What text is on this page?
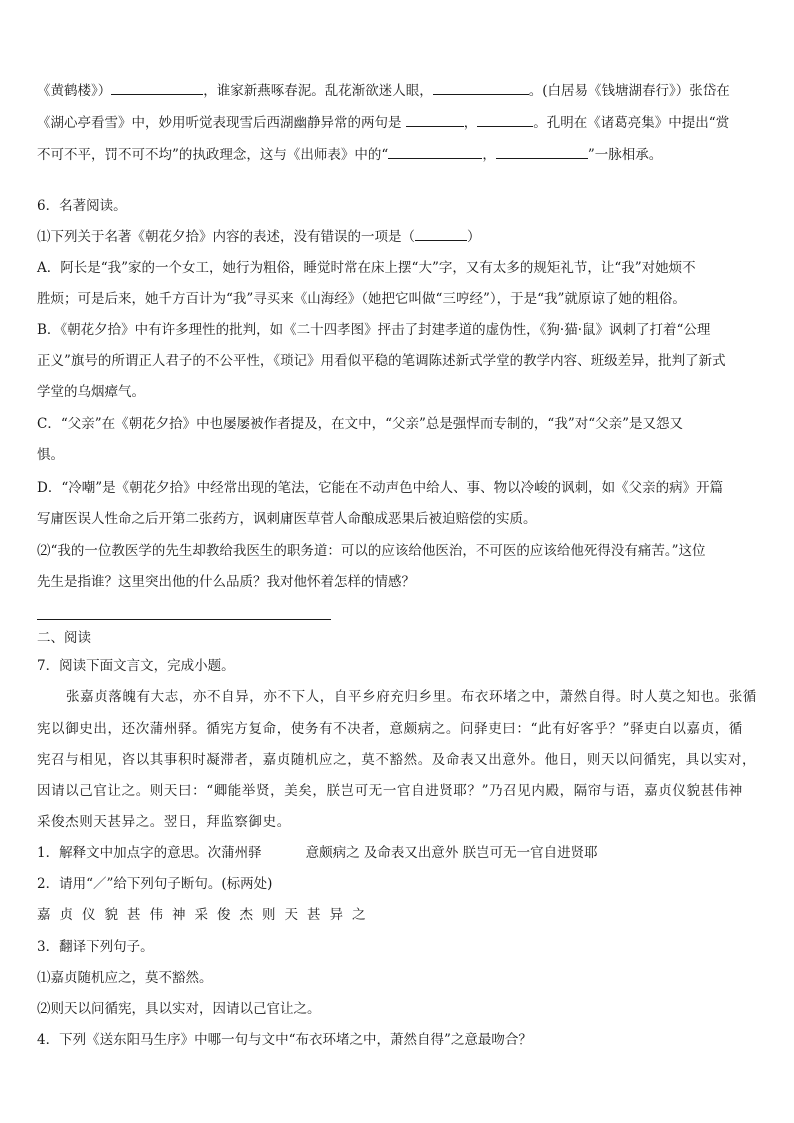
《黄鹤楼》）	，谁家新燕啄春泥。乱花渐欲迷人眼，	。(白居易《钱塘湖春行》）张岱在
《湖心亭看雪》中，妙用听觉表现雪后西湖幽静异常的两句是	，	。孔明在《诸葛亮集》中提出“赏
不可不平，罚不可不均”的执政理念，这与《出师表》中的“	，	”一脉相承。
6．名著阅读。
⑴下列关于名著《朝花夕拾》内容的表述，没有错误的一项是（	）
A．阿长是“我”家的一个女工，她行为粗俗，睡觉时常在床上摆“大”字，又有太多的规矩礼节，让“我”对她烦不
胜烦；可是后来，她千方百计为“我”寻买来《山海经》（她把它叫做“三哼经”），于是“我”就原谅了她的粗俗。
B．《朝花夕拾》中有许多理性的批判，如《二十四孝图》抨击了封建孝道的虚伪性，《狗·猫·鼠》讽刺了打着“公理
正义”旗号的所谓正人君子的不公平性，《琐记》用看似平稳的笔调陈述新式学堂的教学内容、班级差异，批判了新式
学堂的乌烟瘴气。
C．“父亲”在《朝花夕拾》中也屡屡被作者提及，在文中，“父亲”总是强悍而专制的，“我”对“父亲”是又怨又
惧。
D．“冷嘲”是《朝花夕拾》中经常出现的笔法，它能在不动声色中给人、事、物以冷峻的讽刺，如《父亲的病》开篇
写庸医误人性命之后开第二张药方，讽刺庸医草菅人命酿成恶果后被迫赔偿的实质。
⑵“我的一位教医学的先生却教给我医生的职务道：可以的应该给他医治，不可医的应该给他死得没有痛苦。”这位
先生是指谁？这里突出他的什么品质？我对他怀着怎样的情感？
二、阅读
7．阅读下面文言文，完成小题。
张嘉贞落魄有大志，亦不自异，亦不下人，自平乡府充归乡里。布衣环堵之中，萧然自得。时人莫之知也。张循
宪以御史出，还次蒲州驿。循宪方复命，使务有不决者，意颇病之。问驿吏曰：“此有好客乎？”驿吏白以嘉贞，循
宪召与相见，咨以其事积时凝滞者，嘉贞随机应之，莫不豁然。及命表又出意外。他日，则天以问循宪，具以实对，
因请以己官让之。则天曰：“卿能举贤，美矣，朕岂可无一官自进贤耶？”乃召见内殿，隔帘与语，嘉贞仪貌甚伟神
采俊杰则天甚异之。翌日，拜监察御史。
1．解释文中加点字的意思。次蒲州驿	意颇病之 及命表又出意外 朕岂可无一官自进贤耶
2．请用“／”给下列句子断句。(标两处)
嘉贞仪貌甚伟神采俊杰则天甚异之
3．翻译下列句子。
⑴嘉贞随机应之，莫不豁然。
⑵则天以问循宪，具以实对，因请以己官让之。
4．下列《送东阳马生序》中哪一句与文中“布衣环堵之中，萧然自得”之意最吻合？
